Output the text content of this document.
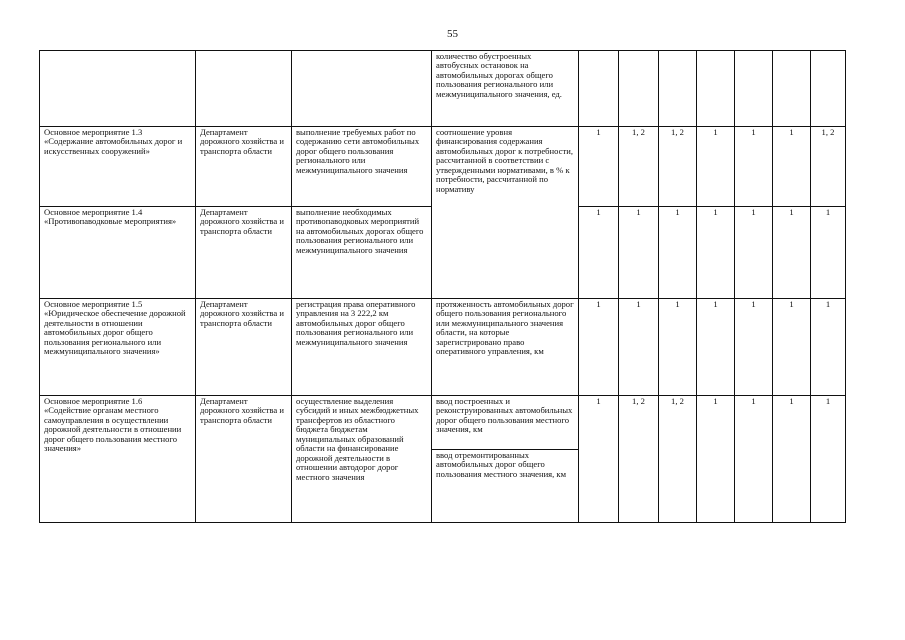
55

			количество обустроенных автобусных остановок на автомобильных дорогах общего пользования регионального или межмуниципального значения, ед.							

Основное мероприятие 1.3
«Содержание автомобильных дорог и искусственных сооружений»	Департамент дорожного хозяйства и транспорта области	выполнение требуемых работ по содержанию сети автомобильных дорог общего пользования регионального или межмуниципального значения	соотношение уровня финансирования содержания автомобильных дорог к потребности, рассчитанной в соответствии с утвержденными нормативами, в % к потребности, рассчитанной по нормативу	1	1, 2	1, 2	1	1	1	1, 2

Основное мероприятие 1.4
«Противопаводковые мероприятия»	Департамент дорожного хозяйства и транспорта области	выполнение необходимых противопаводковых мероприятий на автомобильных дорогах общего пользования регионального или межмуниципального значения		1	1	1	1	1	1	1

Основное мероприятие 1.5
«Юридическое обеспечение дорожной деятельности в отношении автомобильных дорог общего пользования регионального или межмуниципального значения»	Департамент дорожного хозяйства и транспорта области	регистрация права оперативного управления на 3 222,2 км автомобильных дорог общего пользования регионального или межмуниципального значения	протяженность автомобильных дорог общего пользования регионального или межмуниципального значения области, на которые зарегистрировано право оперативного управления, км	1	1	1	1	1	1	1

Основное мероприятие 1.6
«Содействие органам местного самоуправления в осуществлении дорожной деятельности в отношении дорог общего пользования местного значения»	Департамент дорожного хозяйства и транспорта области	осуществление выделения субсидий и иных межбюджетных трансфертов из областного бюджета бюджетам муниципальных образований области на финансирование дорожной деятельности в отношении автодорог дорог местного значения	ввод построенных и реконструированных автомобильных дорог общего пользования местного значения, км	1	1, 2	1, 2	1	1	1	1

			ввод отремонтированных автомобильных дорог общего пользования местного значения, км							
